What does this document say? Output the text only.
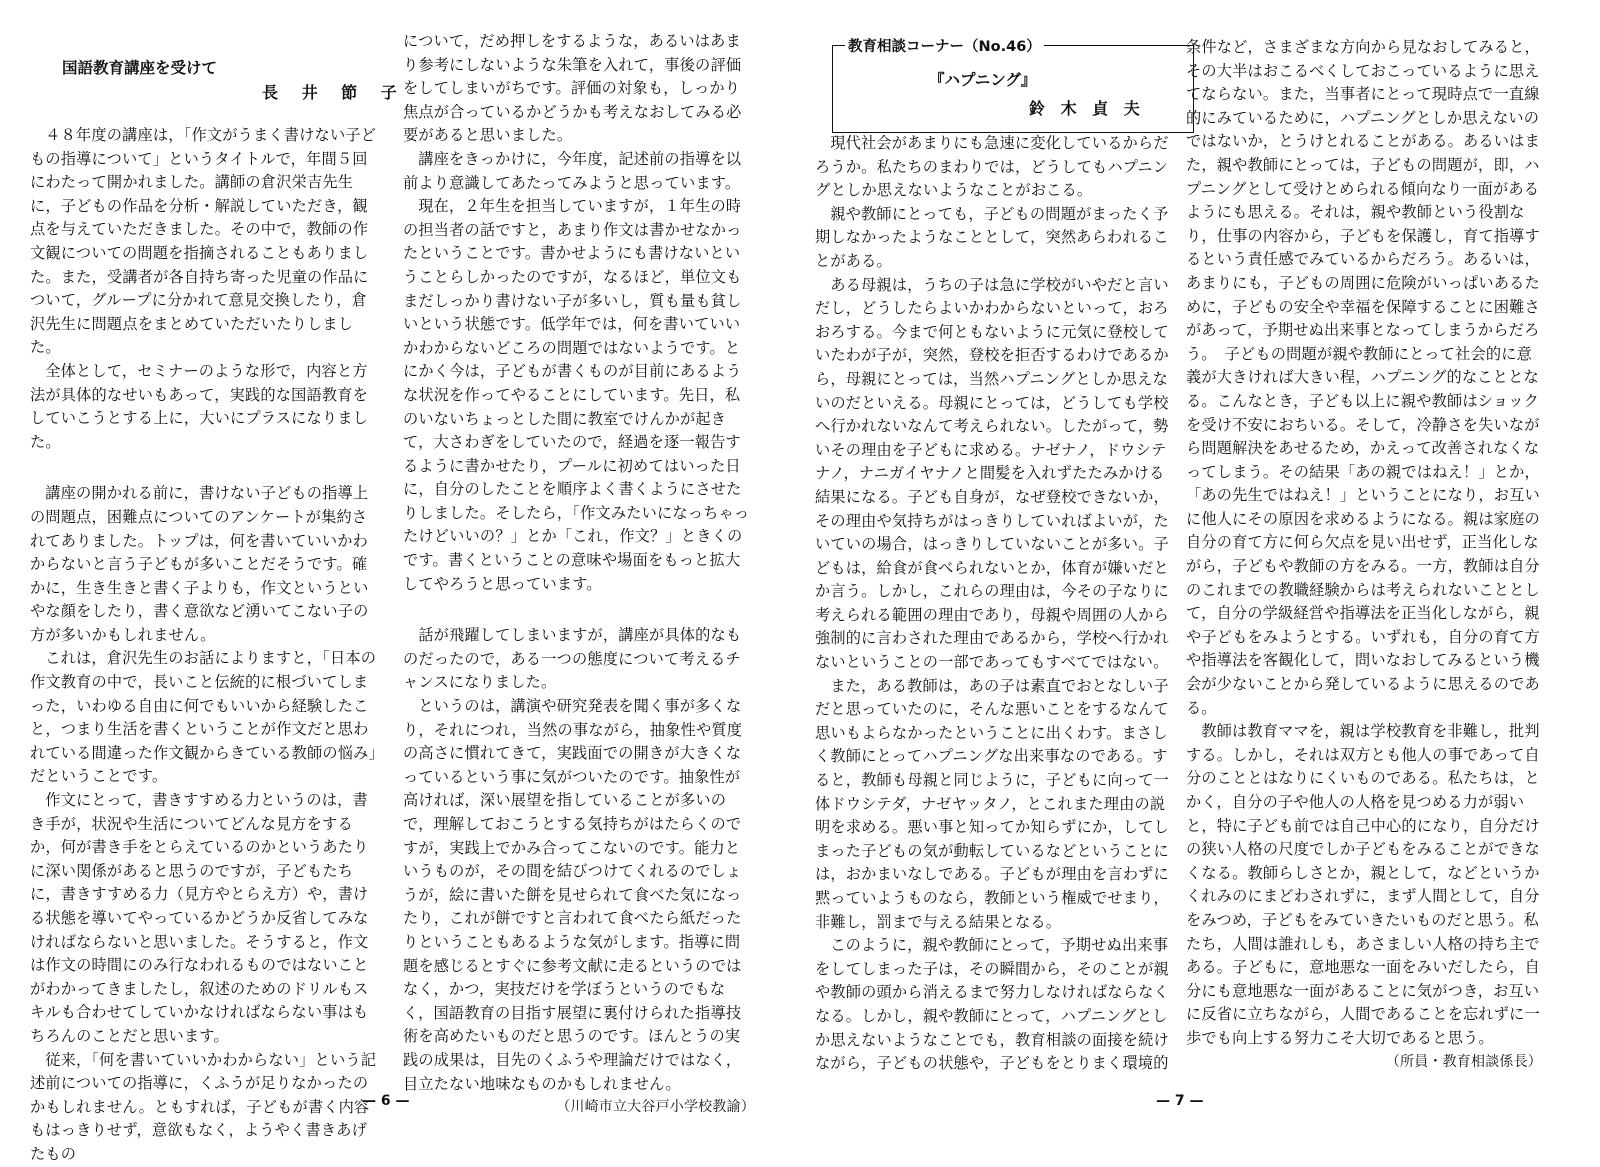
国語教育講座を受けて
長 井 節 子

４８年度の講座は，「作文がうまく書けない子どもの指導について」というタイトルで，年間５回にわたって開かれました。講師の倉沢栄吉先生に，子どもの作品を分析・解説していただき，観点を与えていただきました。その中で，教師の作文観についての問題を指摘されることもありました。また，受講者が各自持ち寄った児童の作品について，グループに分かれて意見交換したり，倉沢先生に問題点をまとめていただいたりしました。

全体として，セミナーのような形で，内容と方法が具体的なせいもあって，実践的な国語教育をしていこうとする上に，大いにプラスになりました。

講座の開かれる前に，書けない子どもの指導上の問題点，困難点についてのアンケートが集約されてありました。トップは，何を書いていいかわからないと言う子どもが多いことだそうです。確かに，生き生きと書く子よりも，作文というといやな顔をしたり，書く意欲など湧いてこない子の方が多いかもしれません。

これは，倉沢先生のお話によりますと，「日本の作文教育の中で，長いこと伝統的に根づいてしまった，いわゆる自由に何でもいいから経験したこと，つまり生活を書くということが作文だと思われている間違った作文観からきている教師の悩み」だということです。

作文にとって，書きすすめる力というのは，書き手が，状況や生活についてどんな見方をするか，何が書き手をとらえているのかというあたりに深い関係があると思うのですが，子どもたちに，書きすすめる力（見方やとらえ方）や，書ける状態を導いてやっているかどうか反省してみなければならないと思いました。そうすると，作文は作文の時間にのみ行なわれるものではないことがわかってきましたし，叙述のためのドリルもスキルも合わせてしていかなければならない事はもちろんのことだと思います。

従来，「何を書いていいかわからない」という記述前についての指導に，くふうが足りなかったのかもしれません。ともすれば，子どもが書く内容もはっきりせず，意欲もなく，ようやく書きあげたもの

について，だめ押しをするような，あるいはあまり参考にしないような朱筆を入れて，事後の評価をしてしまいがちです。評価の対象も，しっかり焦点が合っているかどうかも考えなおしてみる必要があると思いました。

講座をきっかけに，今年度，記述前の指導を以前より意識してあたってみようと思っています。

現在，２年生を担当していますが，１年生の時の担当者の話ですと，あまり作文は書かせなかったということです。書かせようにも書けないということらしかったのですが，なるほど，単位文もまだしっかり書けない子が多いし，質も量も貧しいという状態です。低学年では，何を書いていいかわからないどころの問題ではないようです。とにかく今は，子どもが書くものが目前にあるような状況を作ってやることにしています。先日，私のいないちょっとした間に教室でけんかが起きて，大さわぎをしていたので，経過を逐一報告するように書かせたり，プールに初めてはいった日に，自分のしたことを順序よく書くようにさせたりしました。そしたら，「作文みたいになっちゃったけどいいの？」とか「これ，作文？」ときくのです。書くということの意味や場面をもっと拡大してやろうと思っています。

話が飛躍してしまいますが，講座が具体的なものだったので，ある一つの態度について考えるチャンスになりました。

というのは，講演や研究発表を聞く事が多くなり，それにつれ，当然の事ながら，抽象性や質度の高さに慣れてきて，実践面での開きが大きくなっているという事に気がついたのです。抽象性が高ければ，深い展望を指していることが多いので，理解しておこうとする気持ちがはたらくのですが，実践上でかみ合ってこないのです。能力というものが，その間を結びつけてくれるのでしょうが，絵に書いた餅を見せられて食べた気になったり，これが餅ですと言われて食べたら紙だったりということもあるような気がします。指導に問題を感じるとすぐに参考文献に走るというのではなく，かつ，実技だけを学ぼうというのでもなく，国語教育の目指す展望に裏付けられた指導技術を高めたいものだと思うのです。ほんとうの実践の成果は，目先のくふうや理論だけではなく，目立たない地味なものかもしれません。

（川崎市立大谷戸小学校教諭）
— 6 —
教育相談コーナー（No.46）
『ハプニング』
鈴 木 貞 夫

現代社会があまりにも急速に変化しているからだろうか。私たちのまわりでは，どうしてもハプニングとしか思えないようなことがおこる。

親や教師にとっても，子どもの問題がまったく予期しなかったようなこととして，突然あらわれることがある。

ある母親は，うちの子は急に学校がいやだと言いだし，どうしたらよいかわからないといって，おろおろする。今まで何ともないように元気に登校していたわが子が，突然，登校を拒否するわけであるから，母親にとっては，当然ハプニングとしか思えないのだといえる。母親にとっては，どうしても学校へ行かれないなんて考えられない。したがって，勢いその理由を子どもに求める。ナゼナノ，ドウシテナノ，ナニガイヤナノと間髪を入れずたたみかける結果になる。子ども自身が，なぜ登校できないか，その理由や気持ちがはっきりしていればよいが，たいていの場合，はっきりしていないことが多い。子どもは，給食が食べられないとか，体育が嫌いだとか言う。しかし，これらの理由は，今その子なりに考えられる範囲の理由であり，母親や周囲の人から強制的に言わされた理由であるから，学校へ行かれないということの一部であってもすべてではない。

また，ある教師は，あの子は素直でおとなしい子だと思っていたのに，そんな悪いことをするなんて思いもよらなかったということに出くわす。まさしく教師にとってハプニングな出来事なのである。すると，教師も母親と同じように，子どもに向って一体ドウシテダ，ナゼヤッタノ，とこれまた理由の説明を求める。悪い事と知ってか知らずにか，してしまった子どもの気が動転しているなどということには，おかまいなしである。子どもが理由を言わずに黙っていようものなら，教師という権威でせまり，非難し，罰まで与える結果となる。

このように，親や教師にとって，予期せぬ出来事をしてしまった子は，その瞬間から，そのことが親や教師の頭から消えるまで努力しなければならなくなる。しかし，親や教師にとって，ハプニングとしか思えないようなことでも，教育相談の面接を続けながら，子どもの状態や，子どもをとりまく環境的

条件など，さまざまな方向から見なおしてみると，その大半はおこるべくしておこっているように思えてならない。また，当事者にとって現時点で一直線的にみているために，ハプニングとしか思えないのではないか，とうけとれることがある。あるいはまた，親や教師にとっては，子どもの問題が，即，ハプニングとして受けとめられる傾向なり一面があるようにも思える。それは，親や教師という役割なり，仕事の内容から，子どもを保護し，育て指導するという責任感でみているからだろう。あるいは，あまりにも，子どもの周囲に危険がいっぱいあるために，子どもの安全や幸福を保障することに困難さがあって，予期せぬ出来事となってしまうからだろう。　子どもの問題が親や教師にとって社会的に意義が大きければ大きい程，ハプニング的なこととなる。こんなとき，子ども以上に親や教師はショックを受け不安におちいる。そして，冷静さを失いながら問題解決をあせるため，かえって改善されなくなってしまう。その結果「あの親ではねえ！」とか，「あの先生ではねえ！」ということになり，お互いに他人にその原因を求めるようになる。親は家庭の自分の育て方に何ら欠点を見い出せず，正当化しながら，子どもや教師の方をみる。一方，教師は自分のこれまでの教職経験からは考えられないこととして，自分の学級経営や指導法を正当化しながら，親や子どもをみようとする。いずれも，自分の育て方や指導法を客観化して，問いなおしてみるという機会が少ないことから発しているように思えるのである。

教師は教育ママを，親は学校教育を非難し，批判する。しかし，それは双方とも他人の事であって自分のこととはなりにくいものである。私たちは，とかく，自分の子や他人の人格を見つめる力が弱いと，特に子ども前では自己中心的になり，自分だけの狭い人格の尺度でしか子どもをみることができなくなる。教師らしさとか，親として，などというかくれみのにまどわされずに，まず人間として，自分をみつめ，子どもをみていきたいものだと思う。私たち，人間は誰れしも，あさましい人格の持ち主である。子どもに，意地悪な一面をみいだしたら，自分にも意地悪な一面があることに気がつき，お互いに反省に立ちながら，人間であることを忘れずに一歩でも向上する努力こそ大切であると思う。

（所員・教育相談係長）
— 7 —
